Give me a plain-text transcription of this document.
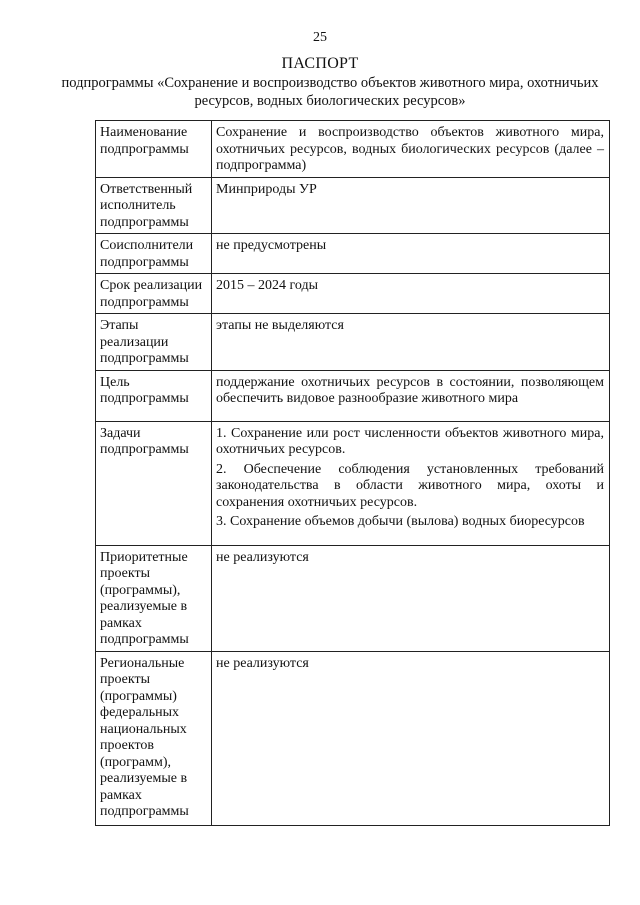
25
ПАСПОРТ
подпрограммы «Сохранение и воспроизводство объектов животного мира, охотничьих ресурсов, водных биологических ресурсов»
Наименование подпрограммы	Сохранение и воспроизводство объектов животного мира, охотничьих ресурсов, водных биологических ресурсов (далее – подпрограмма)
Ответственный исполнитель подпрограммы	Минприроды УР
Соисполнители подпрограммы	не предусмотрены
Срок реализации подпрограммы	2015 – 2024 годы
Этапы реализации подпрограммы	этапы не выделяются
Цель подпрограммы	поддержание охотничьих ресурсов в состоянии, позволяющем обеспечить видовое разнообразие животного мира
Задачи подпрограммы	1. Сохранение или рост численности объектов животного мира, охотничьих ресурсов.
2. Обеспечение соблюдения установленных требований законодательства в области животного мира, охоты и сохранения охотничьих ресурсов.
3. Сохранение объемов добычи (вылова) водных биоресурсов

Приоритетные проекты (программы), реализуемые в рамках подпрограммы	не реализуются
Региональные проекты (программы) федеральных национальных проектов (программ), реализуемые в рамках подпрограммы	не реализуются
